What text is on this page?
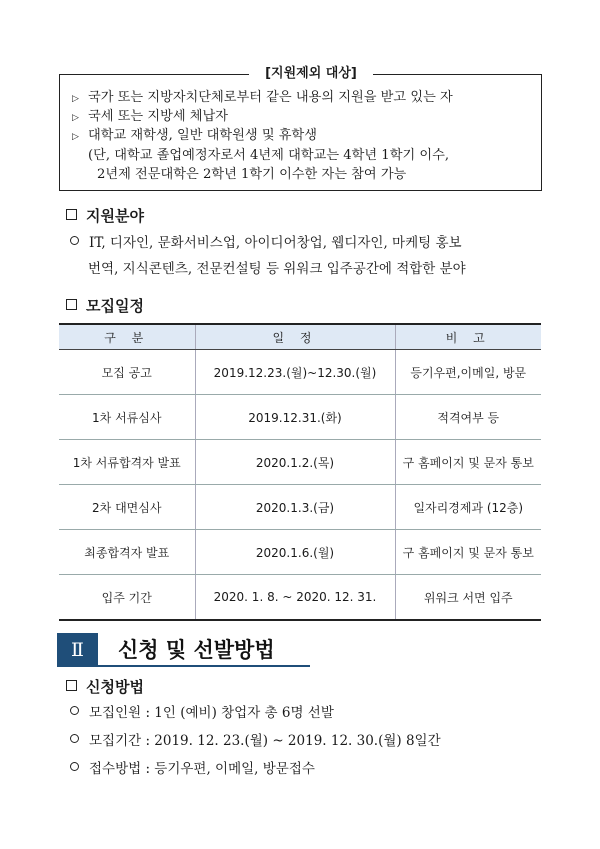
[지원제외 대상]
▷ 국가 또는 지방자치단체로부터 같은 내용의 지원을 받고 있는 자
▷ 국세 또는 지방세 체납자
▷ 대학교 재학생, 일반 대학원생 및 휴학생
(단, 대학교 졸업예정자로서 4년제 대학교는 4학년 1학기 이수,
2년제 전문대학은 2학년 1학기 이수한 자는 참여 가능
지원분야
IT, 디자인, 문화서비스업, 아이디어창업, 웹디자인, 마케팅 홍보
번역, 지식콘텐츠, 전문컨설팅 등 위워크 입주공간에 적합한 분야
모집일정
구 분	일 정	비 고
모집 공고	2019.12.23.(월)~12.30.(월)	등기우편,이메일, 방문
1차 서류심사	2019.12.31.(화)	적격여부 등
1차 서류합격자 발표	2020.1.2.(목)	구 홈페이지 및 문자 통보
2차 대면심사	2020.1.3.(금)	일자리경제과 (12층)
최종합격자 발표	2020.1.6.(월)	구 홈페이지 및 문자 통보
입주 기간	2020. 1. 8. ~ 2020. 12. 31.	위워크 서면 입주
Ⅱ	신청 및 선발방법
신청방법
모집인원 : 1인 (예비) 창업자 총 6명 선발
모집기간 : 2019. 12. 23.(월) ~ 2019. 12. 30.(월) 8일간
접수방법 : 등기우편, 이메일, 방문접수
